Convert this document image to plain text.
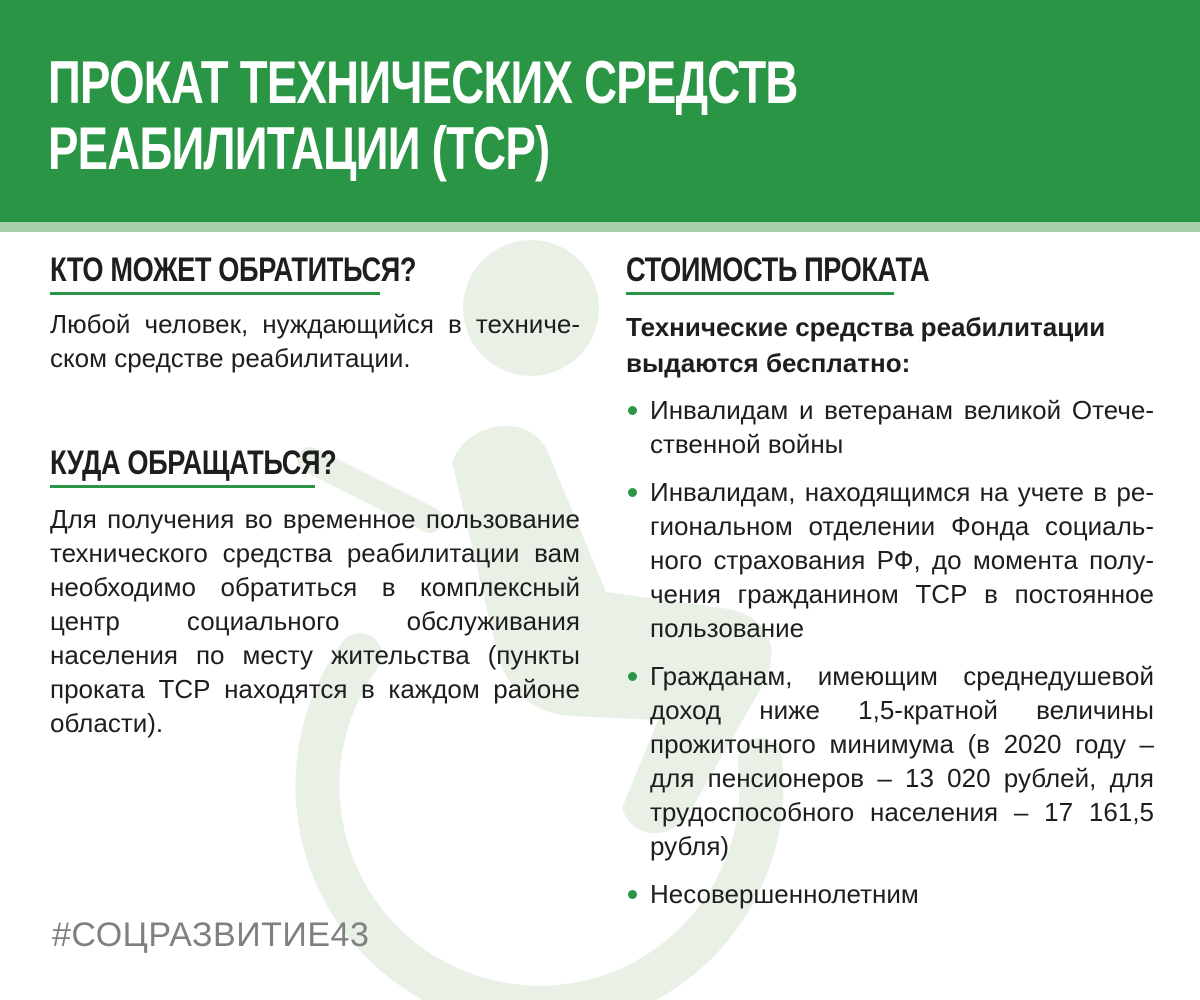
ПРОКАТ ТЕХНИЧЕСКИХ СРЕДСТВ
РЕАБИЛИТАЦИИ (ТСР)
КТО МОЖЕТ ОБРАТИТЬСЯ?

Любой человек, нуждающийся в техническом средстве реабилитации.

КУДА ОБРАЩАТЬСЯ?

Для получения во временное пользование технического средства реабилитации вам необходимо обратиться в комплексный центр социального обслуживания населения по месту жительства (пункты проката ТСР находятся в каждом районе области).

СТОИМОСТЬ ПРОКАТА

Технические средства реабилитации выдаются бесплатно:

Инвалидам и ветеранам великой Отечественной войны
Инвалидам, находящимся на учете в региональном отделении Фонда социального страхования РФ, до момента получения гражданином ТСР в постоянное пользование
Гражданам, имеющим среднедушевой доход ниже 1,5-кратной величины прожиточного минимума (в 2020 году – для пенсионеров – 13 020 рублей, для трудоспособного населения – 17 161,5 рубля)
Несовершеннолетним

#СОЦРАЗВИТИЕ43
